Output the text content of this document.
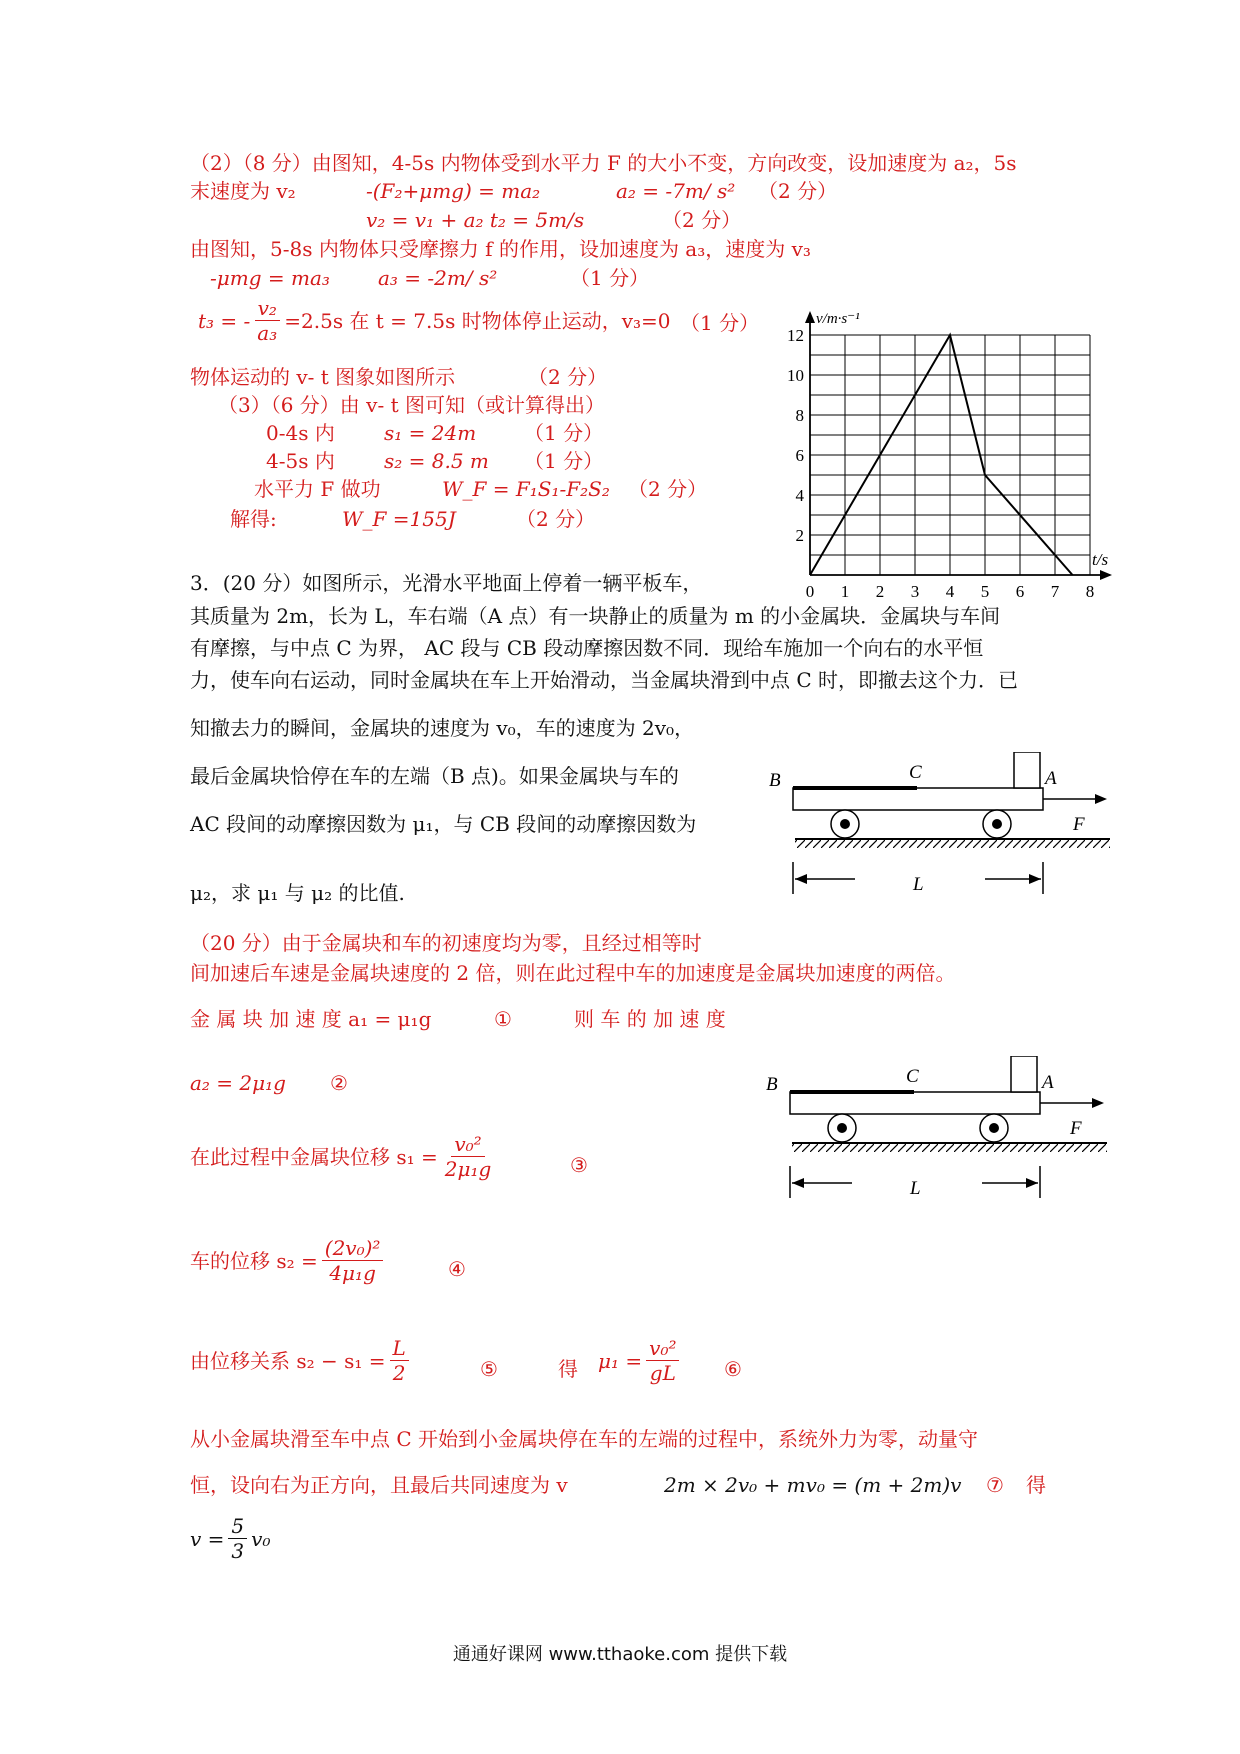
（2）（8 分）由图知，4-5s 内物体受到水平力 F 的大小不变，方向改变，设加速度为 a₂，5s
末速度为 v₂	-(F₂+μmg) = ma₂	a₂ = -7m/ s² （2 分）
v₂ = v₁ + a₂ t₂ = 5m/s	（2 分）
由图知，5-8s 内物体只受摩擦力 f 的作用，设加速度为 a₃，速度为 v₃
-μmg = ma₃ a₃ = -2m/ s²	（1 分）
t₃ = - $\frac{\text{v₂}}{\text{a₃}} =2.5s$ 在 t = 7.5s 时物体停止运动，v₃=0 （1 分）
物体运动的 v- t 图象如图所示	（2 分）
（3）（6 分）由 v- t 图可知（或计算得出）
0-4s 内 s₁ = 24m （1 分）
4-5s 内 s₂ = 8.5 m （1 分）
水平力 F 做功	W_F = F₁S₁-F₂S₂ （2 分）
解得:	W_F =155J	（2 分）
0 1 2 3 4 5 6 7 8
2
4
6
8
10
12
v/m·s⁻¹
t/s
3．(20 分）如图所示，光滑水平地面上停着一辆平板车，
其质量为 2m，长为 L，车右端（A 点）有一块静止的质量为 m 的小金属块．金属块与车间
有摩擦，与中点 C 为界， AC 段与 CB 段动摩擦因数不同．现给车施加一个向右的水平恒
力，使车向右运动，同时金属块在车上开始滑动，当金属块滑到中点 C 时，即撤去这个力．已
知撤去力的瞬间，金属块的速度为 v₀，车的速度为 2v₀，
最后金属块恰停在车的左端（B 点)。如果金属块与车的
AC 段间的动摩擦因数为 μ₁，与 CB 段间的动摩擦因数为
μ₂，求 μ₁ 与 μ₂ 的比值.
B	C	A
F
L
（20 分）由于金属块和车的初速度均为零，且经过相等时
间加速后车速是金属块速度的 2 倍，则在此过程中车的加速度是金属块加速度的两倍。
金 属 块 加 速 度 a₁ = μ₁g	①	则 车 的 加 速 度
a₂ = 2μ₁g ②
在此过程中金属块位移 $s_1 = \frac{\text{v₀²}}{\text{2μ₁g}}$	③
车的位移 $s_2 = \frac{\text{(2v₀)²}}{\text{4μ₁g}}$	④
由位移关系 $s_2 - s_1 = \frac{L}{2}$	⑤	得 $\mu_1 = \frac{\text{v₀²}}{gL}$ ⑥
从小金属块滑至车中点 C 开始到小金属块停在车的左端的过程中，系统外力为零，动量守
恒，设向右为正方向，且最后共同速度为 v	2m × 2v₀ + mv₀ = (m + 2m)v ⑦ 得
$v = \frac{5}{3} v_0$
B	C	A
F
L
通通好课网 www.tthaoke.com 提供下载
